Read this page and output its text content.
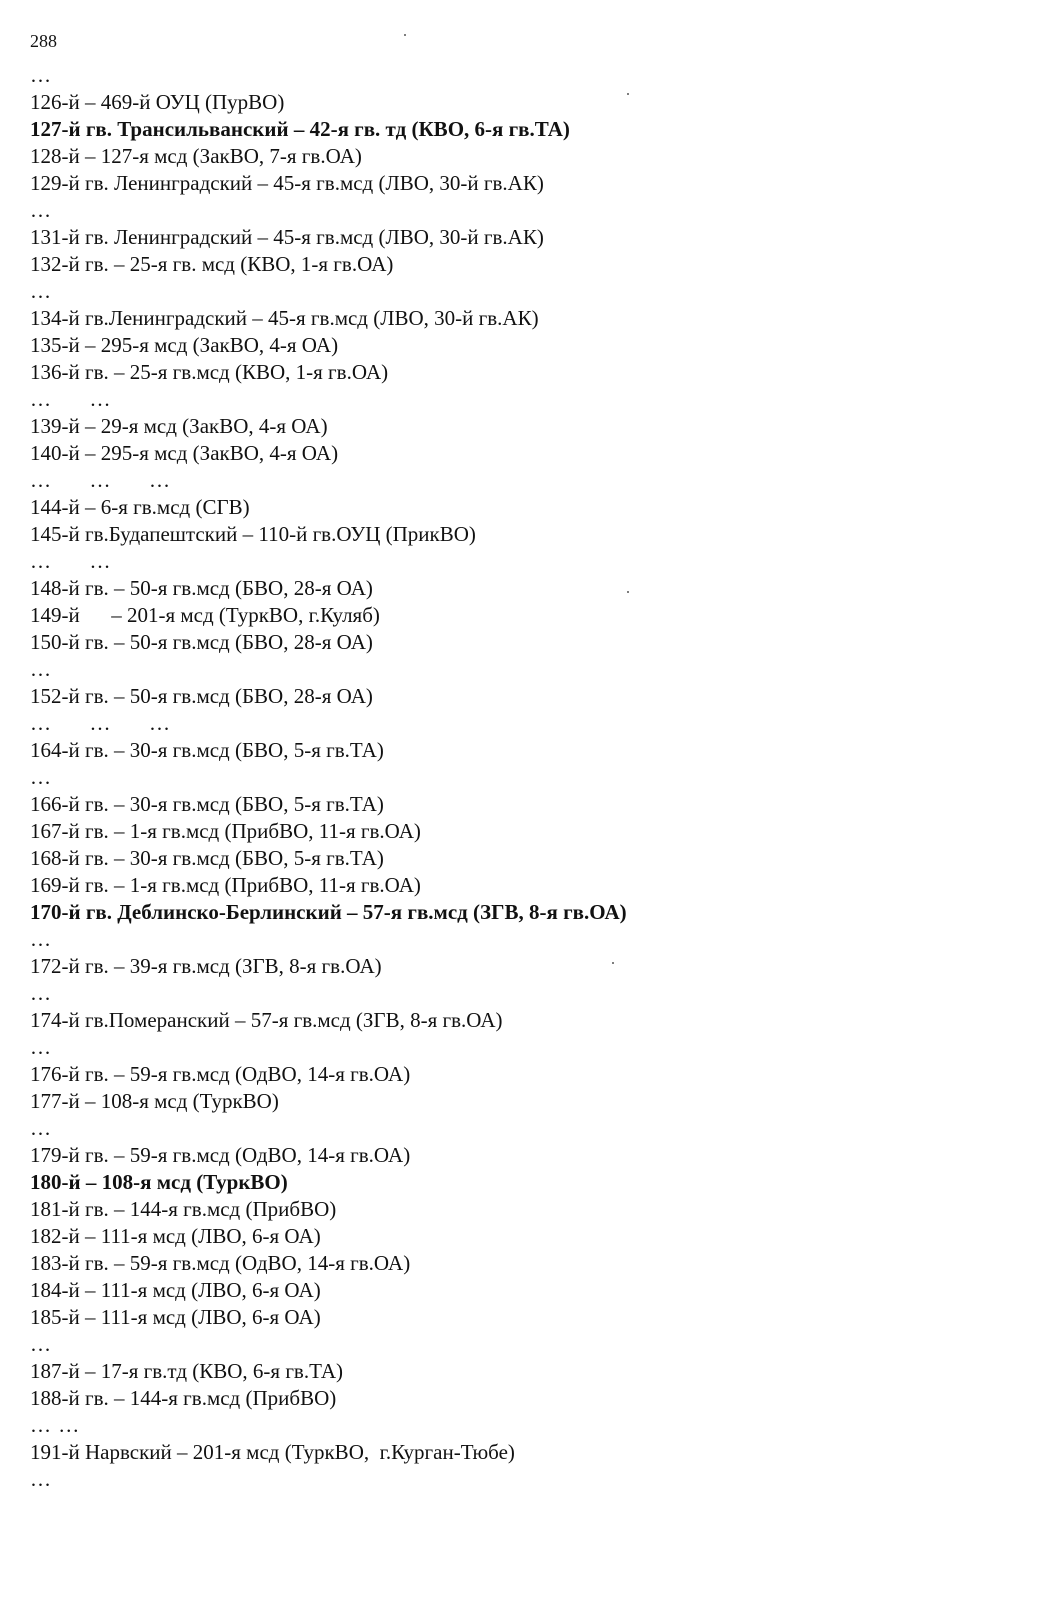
288
…
126-й – 469-й ОУЦ (ПурВО)
127-й гв. Трансильванский – 42-я гв. тд (КВО, 6-я гв.ТА)
128-й – 127-я мсд (ЗакВО, 7-я гв.ОА)
129-й гв. Ленинградский – 45-я гв.мсд (ЛВО, 30-й гв.АК)
…
131-й гв. Ленинградский – 45-я гв.мсд (ЛВО, 30-й гв.АК)
132-й гв. – 25-я гв. мсд (КВО, 1-я гв.ОА)
…
134-й гв.Ленинградский – 45-я гв.мсд (ЛВО, 30-й гв.АК)
135-й – 295-я мсд (ЗакВО, 4-я ОА)
136-й гв. – 25-я гв.мсд (КВО, 1-я гв.ОА)
…      …
139-й – 29-я мсд (ЗакВО, 4-я ОА)
140-й – 295-я мсд (ЗакВО, 4-я ОА)
…      …      …
144-й – 6-я гв.мсд (СГВ)
145-й гв.Будапештский – 110-й гв.ОУЦ (ПрикВО)
…      …
148-й гв. – 50-я гв.мсд (БВО, 28-я ОА)
149-й      – 201-я мсд (ТуркВО, г.Куляб)
150-й гв. – 50-я гв.мсд (БВО, 28-я ОА)
…
152-й гв. – 50-я гв.мсд (БВО, 28-я ОА)
…      …      …
164-й гв. – 30-я гв.мсд (БВО, 5-я гв.ТА)
…
166-й гв. – 30-я гв.мсд (БВО, 5-я гв.ТА)
167-й гв. – 1-я гв.мсд (ПрибВО, 11-я гв.ОА)
168-й гв. – 30-я гв.мсд (БВО, 5-я гв.ТА)
169-й гв. – 1-я гв.мсд (ПрибВО, 11-я гв.ОА)
170-й гв. Деблинско-Берлинский – 57-я гв.мсд (ЗГВ, 8-я гв.ОА)
…
172-й гв. – 39-я гв.мсд (ЗГВ, 8-я гв.ОА)
…
174-й гв.Померанский – 57-я гв.мсд (ЗГВ, 8-я гв.ОА)
…
176-й гв. – 59-я гв.мсд (ОдВО, 14-я гв.ОА)
177-й – 108-я мсд (ТуркВО)
…
179-й гв. – 59-я гв.мсд (ОдВО, 14-я гв.ОА)
180-й – 108-я мсд (ТуркВО)
181-й гв. – 144-я гв.мсд (ПрибВО)
182-й – 111-я мсд (ЛВО, 6-я ОА)
183-й гв. – 59-я гв.мсд (ОдВО, 14-я гв.ОА)
184-й – 111-я мсд (ЛВО, 6-я ОА)
185-й – 111-я мсд (ЛВО, 6-я ОА)
…
187-й – 17-я гв.тд (КВО, 6-я гв.ТА)
188-й гв. – 144-я гв.мсд (ПрибВО)
… …
191-й Нарвский – 201-я мсд (ТуркВО,  г.Курган-Тюбе)
…
